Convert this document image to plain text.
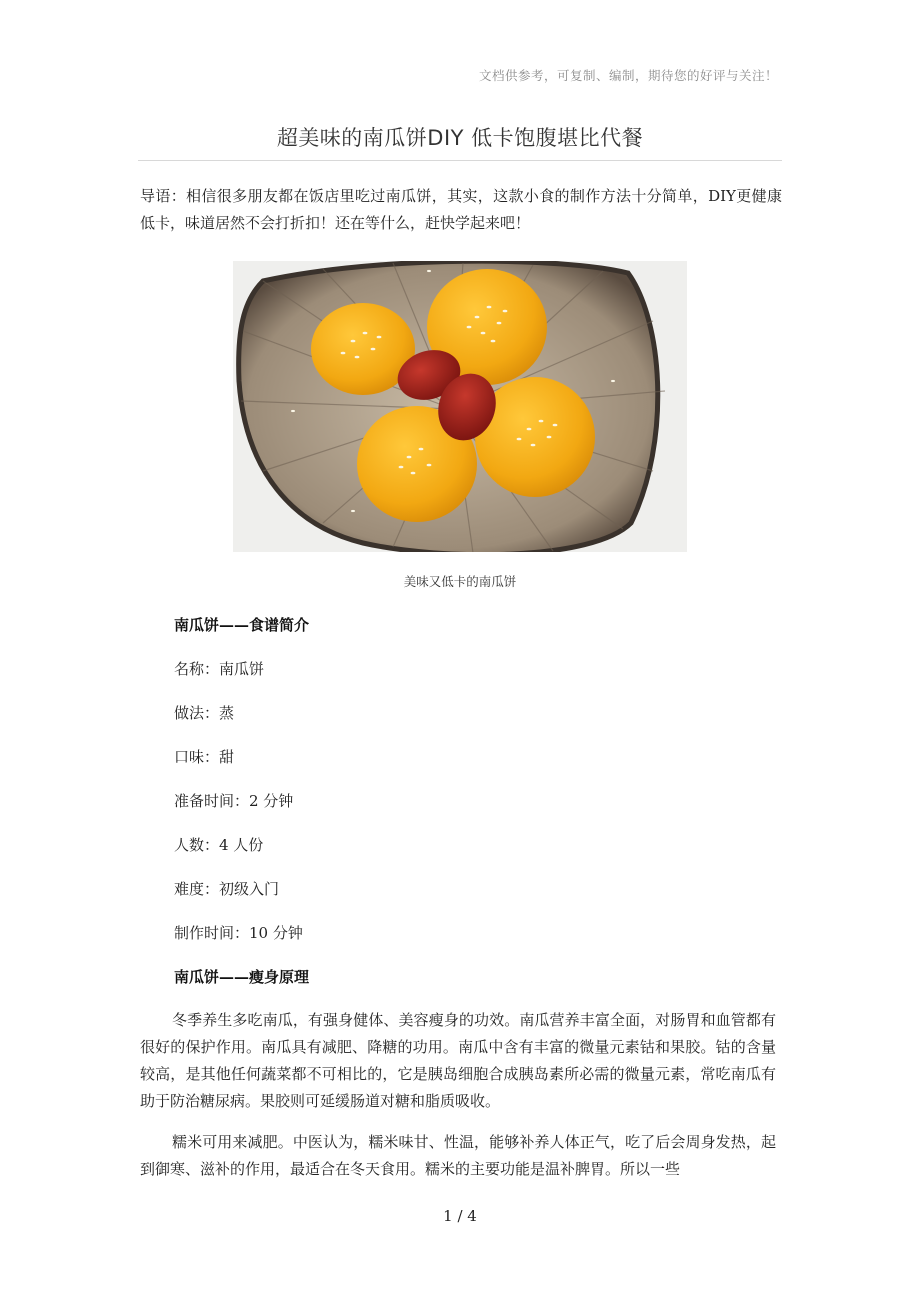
文档供参考，可复制、编制，期待您的好评与关注！
超美味的南瓜饼DIY 低卡饱腹堪比代餐

导语：相信很多朋友都在饭店里吃过南瓜饼，其实，这款小食的制作方法十分简单，DIY更健康低卡，味道居然不会打折扣！还在等什么，赶快学起来吧！

美味又低卡的南瓜饼

南瓜饼——食谱简介

名称：南瓜饼

做法：蒸

口味：甜

准备时间：2 分钟

人数：4 人份

难度：初级入门

制作时间：10 分钟

南瓜饼——瘦身原理

冬季养生多吃南瓜，有强身健体、美容瘦身的功效。南瓜营养丰富全面，对肠胃和血管都有很好的保护作用。南瓜具有减肥、降糖的功用。南瓜中含有丰富的微量元素钴和果胶。钴的含量较高，是其他任何蔬菜都不可相比的，它是胰岛细胞合成胰岛素所必需的微量元素，常吃南瓜有助于防治糖尿病。果胶则可延缓肠道对糖和脂质吸收。

糯米可用来减肥。中医认为，糯米味甘、性温，能够补养人体正气，吃了后会周身发热，起到御寒、滋补的作用，最适合在冬天食用。糯米的主要功能是温补脾胃。所以一些

1 / 4
